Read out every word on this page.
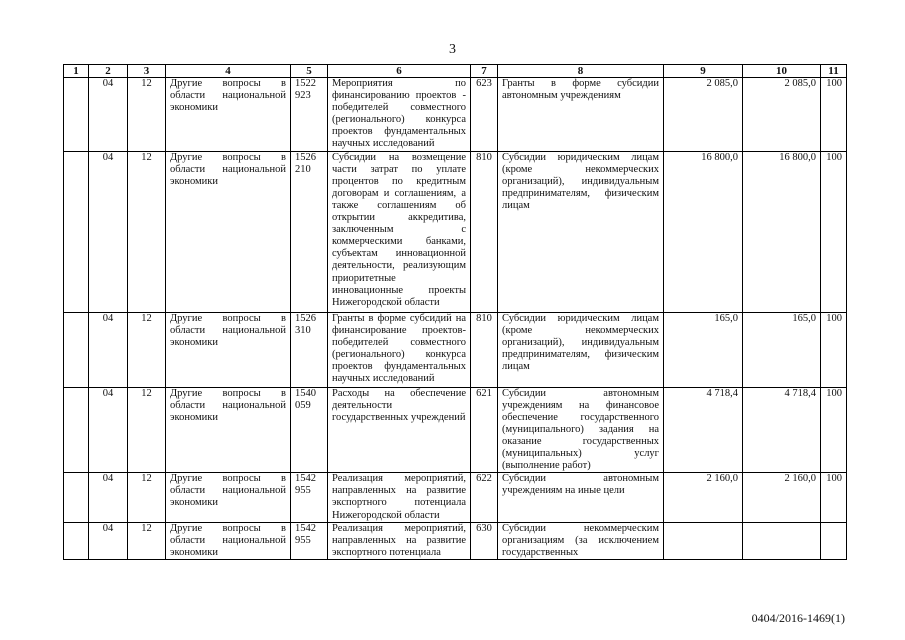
3
1	2	3	4	5	6	7	8	9	10	11
	04	12	Другие вопросы в области национальной экономики	1522 923	Мероприятия по финансированию проектов - победителей совместного (регионального) конкурса проектов фундаментальных научных исследований	623	Гранты в форме субсидии автономным учреждениям	2 085,0	2 085,0	100
	04	12	Другие вопросы в области национальной экономики	1526 210	Субсидии на возмещение части затрат по уплате процентов по кредитным договорам и соглашениям, а также соглашениям об открытии аккредитива, заключенным с коммерческими банками, субъектам инновационной деятельности, реализующим приоритетные инновационные проекты Нижегородской области	810	Субсидии юридическим лицам (кроме некоммерческих организаций), индивидуальным предпринимателям, физическим лицам	16 800,0	16 800,0	100
	04	12	Другие вопросы в области национальной экономики	1526 310	Гранты в форме субсидий на финансирование проектов-победителей совместного (регионального) конкурса проектов фундаментальных научных исследований	810	Субсидии юридическим лицам (кроме некоммерческих организаций), индивидуальным предпринимателям, физическим лицам	165,0	165,0	100
	04	12	Другие вопросы в области национальной экономики	1540 059	Расходы на обеспечение деятельности государственных учреждений	621	Субсидии автономным учреждениям на финансовое обеспечение государственного (муниципального) задания на оказание государственных (муниципальных) услуг (выполнение работ)	4 718,4	4 718,4	100
	04	12	Другие вопросы в области национальной экономики	1542 955	Реализация мероприятий, направленных на развитие экспортного потенциала Нижегородской области	622	Субсидии автономным учреждениям на иные цели	2 160,0	2 160,0	100
	04	12	Другие вопросы в области национальной экономики	1542 955	Реализация мероприятий, направленных на развитие экспортного потенциала	630	Субсидии некоммерческим организациям (за исключением государственных			
0404/2016-1469(1)
